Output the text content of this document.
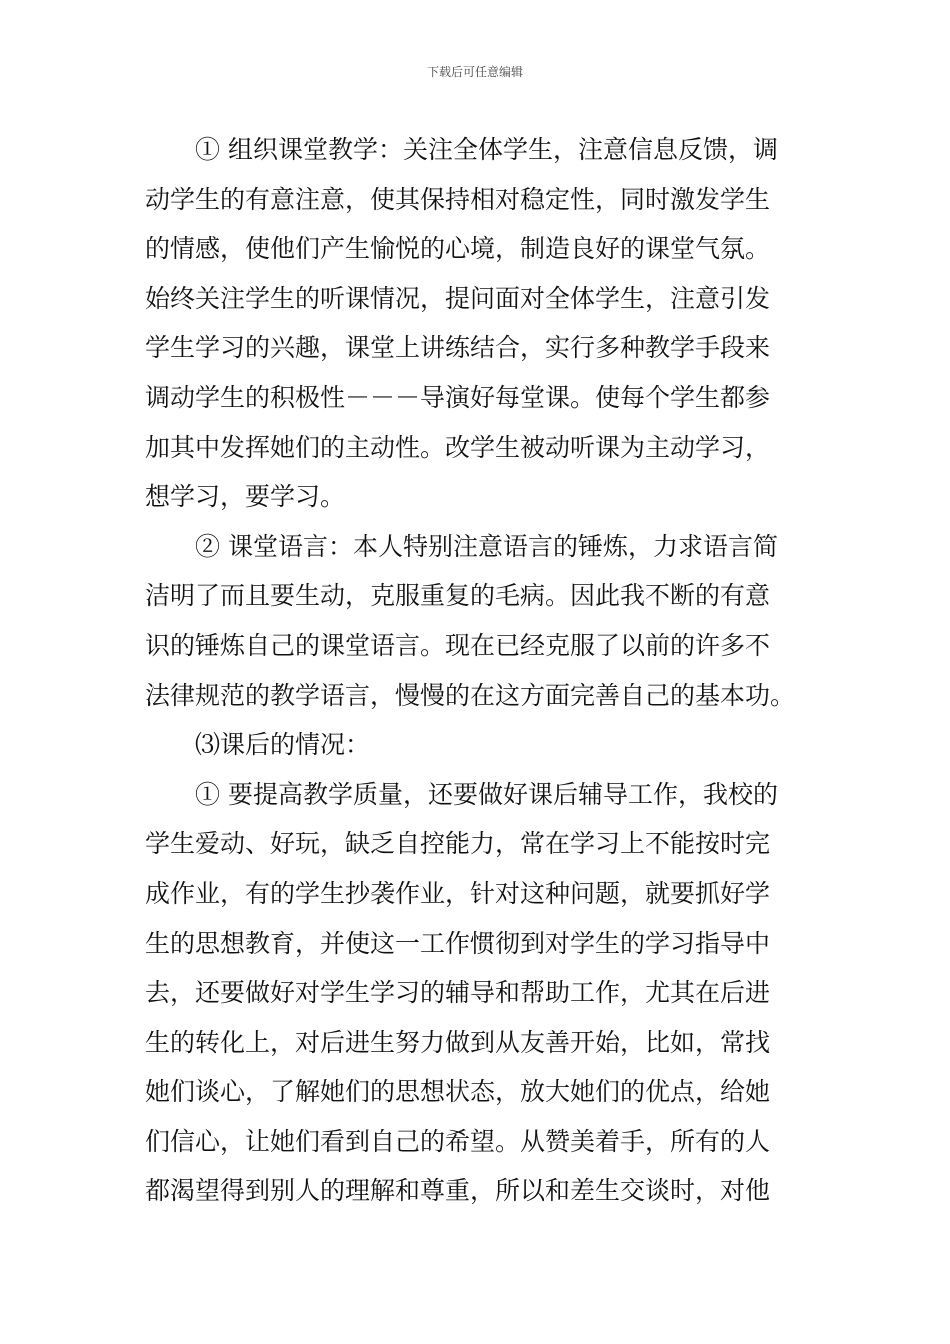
下载后可任意编辑
① 组织课堂教学：关注全体学生，注意信息反馈，调
动学生的有意注意，使其保持相对稳定性，同时激发学生
的情感，使他们产生愉悦的心境，制造良好的课堂气氛。
始终关注学生的听课情况，提问面对全体学生，注意引发
学生学习的兴趣，课堂上讲练结合，实行多种教学手段来
调动学生的积极性－－－导演好每堂课。使每个学生都参
加其中发挥她们的主动性。改学生被动听课为主动学习，
想学习，要学习。
② 课堂语言：本人特别注意语言的锤炼，力求语言简
洁明了而且要生动，克服重复的毛病。因此我不断的有意
识的锤炼自己的课堂语言。现在已经克服了以前的许多不
法律规范的教学语言，慢慢的在这方面完善自己的基本功。
⑶课后的情况：
① 要提高教学质量，还要做好课后辅导工作，我校的
学生爱动、好玩，缺乏自控能力，常在学习上不能按时完
成作业，有的学生抄袭作业，针对这种问题，就要抓好学
生的思想教育，并使这一工作惯彻到对学生的学习指导中
去，还要做好对学生学习的辅导和帮助工作，尤其在后进
生的转化上，对后进生努力做到从友善开始，比如，常找
她们谈心，了解她们的思想状态，放大她们的优点，给她
们信心，让她们看到自己的希望。从赞美着手，所有的人
都渴望得到别人的理解和尊重，所以和差生交谈时，对他
